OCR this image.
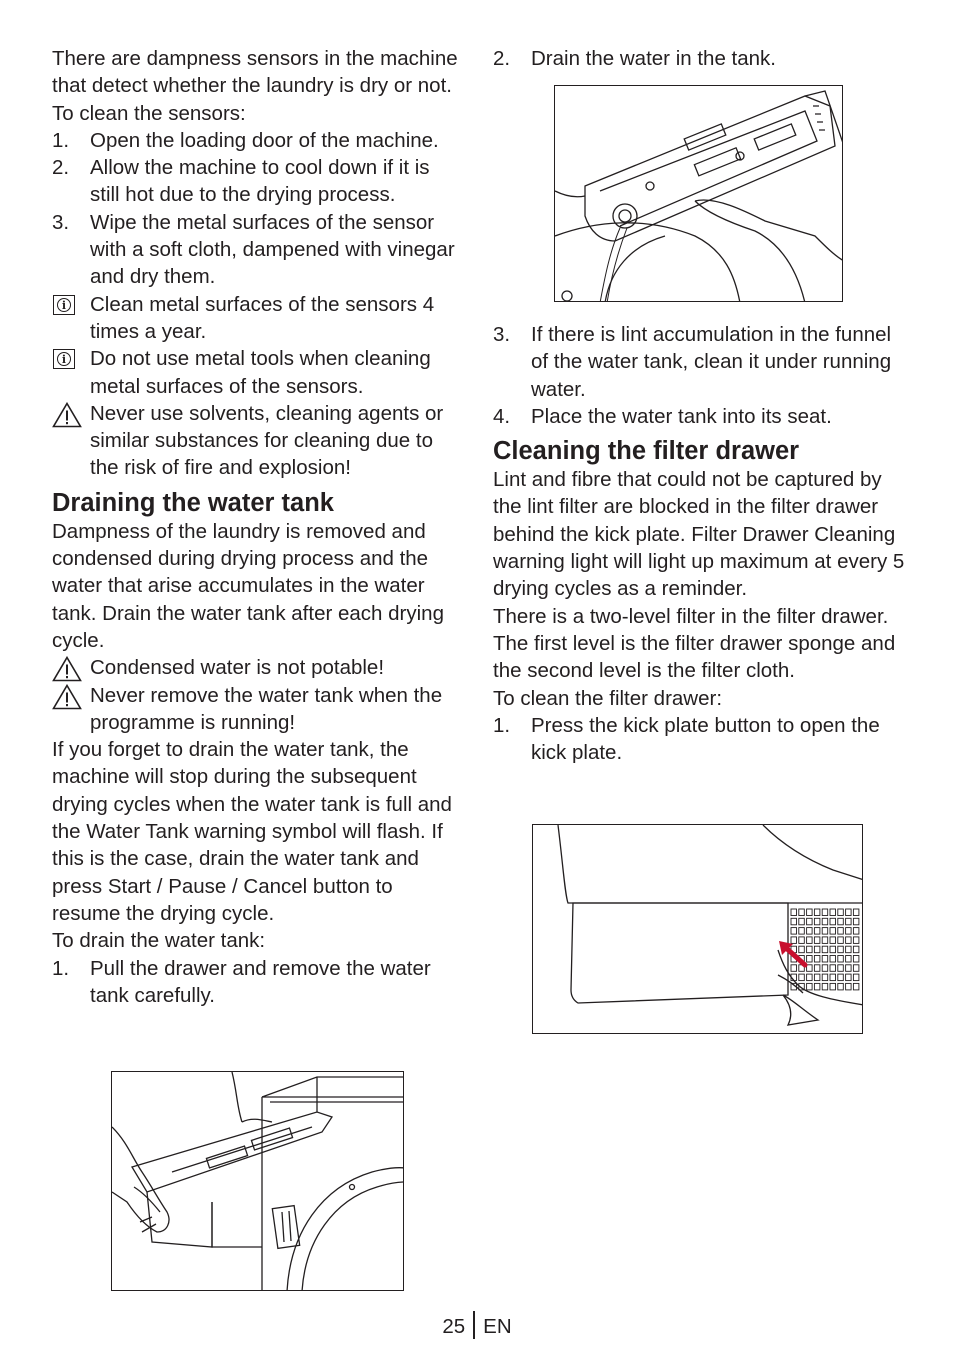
There are dampness sensors in the machine that detect whether the laundry is dry or not.

To clean the sensors:

1.	Open the loading door of the machine.
2.	Allow the machine to cool down if it is still hot due to the drying process.
3.	Wipe the metal surfaces of the sensor with a soft cloth, dampened with vinegar and dry them.
i Clean metal surfaces of the sensors 4 times a year.
i Do not use metal tools when cleaning metal surfaces of the sensors.
Never use solvents, cleaning agents or similar substances for cleaning due to the risk of fire and explosion!
Draining the water tank

Dampness of the laundry is removed and condensed during drying process and the water that arise accumulates in the water tank. Drain the water tank after each drying cycle.

Condensed water is not potable!
Never remove the water tank when the programme is running!

If you forget to drain the water tank, the machine will stop during the subsequent drying cycles when the water tank is full and the Water Tank warning symbol will flash. If this is the case, drain the water tank and press Start / Pause / Cancel button to resume the drying cycle.

To drain the water tank:

1.	Pull the drawer and remove the water tank carefully.
2.	Drain the water in the tank.
3.	If there is lint accumulation in the funnel of the water tank, clean it under running water.
4.	Place the water tank into its seat.
Cleaning the filter drawer

Lint and fibre that could not be captured by the lint filter are blocked in the filter drawer behind the kick plate. Filter Drawer Cleaning warning light will light up maximum at every 5 drying cycles as a reminder.

There is a two-level filter in the filter drawer. The first level is the filter drawer sponge and the second level is the filter cloth.

To clean the filter drawer:

1.	Press the kick plate button to open the kick plate.
25 EN
